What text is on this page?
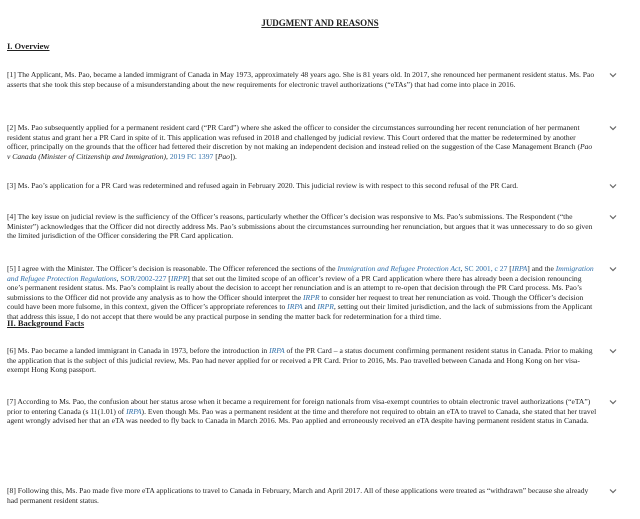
JUDGMENT AND REASONS
I. Overview

[1] The Applicant, Ms. Pao, became a landed immigrant of Canada in May 1973, approximately 48 years ago. She is 81 years old. In 2017, she renounced her permanent resident status. Ms. Pao asserts that she took this step because of a misunderstanding about the new requirements for electronic travel authorizations (“eTAs”) that had come into place in 2016.

[2] Ms. Pao subsequently applied for a permanent resident card (“PR Card”) where she asked the officer to consider the circumstances surrounding her recent renunciation of her permanent resident status and grant her a PR Card in spite of it. This application was refused in 2018 and challenged by judicial review. This Court ordered that the matter be redetermined by another officer, principally on the grounds that the officer had fettered their discretion by not making an independent decision and instead relied on the suggestion of the Case Management Branch (Pao v Canada (Minister of Citizenship and Immigration), 2019 FC 1397 [Pao]).

[3] Ms. Pao’s application for a PR Card was redetermined and refused again in February 2020. This judicial review is with respect to this second refusal of the PR Card.

[4] The key issue on judicial review is the sufficiency of the Officer’s reasons, particularly whether the Officer’s decision was responsive to Ms. Pao’s submissions. The Respondent (“the Minister”) acknowledges that the Officer did not directly address Ms. Pao’s submissions about the circumstances surrounding her renunciation, but argues that it was unnecessary to do so given the limited jurisdiction of the Officer considering the PR Card application.

[5] I agree with the Minister. The Officer’s decision is reasonable. The Officer referenced the sections of the Immigration and Refugee Protection Act, SC 2001, c 27 [IRPA] and the Immigration and Refugee Protection Regulations, SOR/2002-227 [IRPR] that set out the limited scope of an officer’s review of a PR Card application where there has already been a decision renouncing one’s permanent resident status. Ms. Pao’s complaint is really about the decision to accept her renunciation and is an attempt to re-open that decision through the PR Card process. Ms. Pao’s submissions to the Officer did not provide any analysis as to how the Officer should interpret the IRPR to consider her request to treat her renunciation as void. Though the Officer’s decision could have been more fulsome, in this context, given the Officer’s appropriate references to IRPA and IRPR, setting out their limited jurisdiction, and the lack of submissions from the Applicant that address this issue, I do not accept that there would be any practical purpose in sending the matter back for redetermination for a third time.

II. Background Facts

[6] Ms. Pao became a landed immigrant in Canada in 1973, before the introduction in IRPA of the PR Card – a status document confirming permanent resident status in Canada. Prior to making the application that is the subject of this judicial review, Ms. Pao had never applied for or received a PR Card. Prior to 2016, Ms. Pao travelled between Canada and Hong Kong on her visa-exempt Hong Kong passport.

[7] According to Ms. Pao, the confusion about her status arose when it became a requirement for foreign nationals from visa-exempt countries to obtain electronic travel authorizations (“eTA”) prior to entering Canada (s 11(1.01) of IRPA). Even though Ms. Pao was a permanent resident at the time and therefore not required to obtain an eTA to travel to Canada, she stated that her travel agent wrongly advised her that an eTA was needed to fly back to Canada in March 2016. Ms. Pao applied and erroneously received an eTA despite having permanent resident status in Canada.

[8] Following this, Ms. Pao made five more eTA applications to travel to Canada in February, March and April 2017. All of these applications were treated as “withdrawn” because she already had permanent resident status.
